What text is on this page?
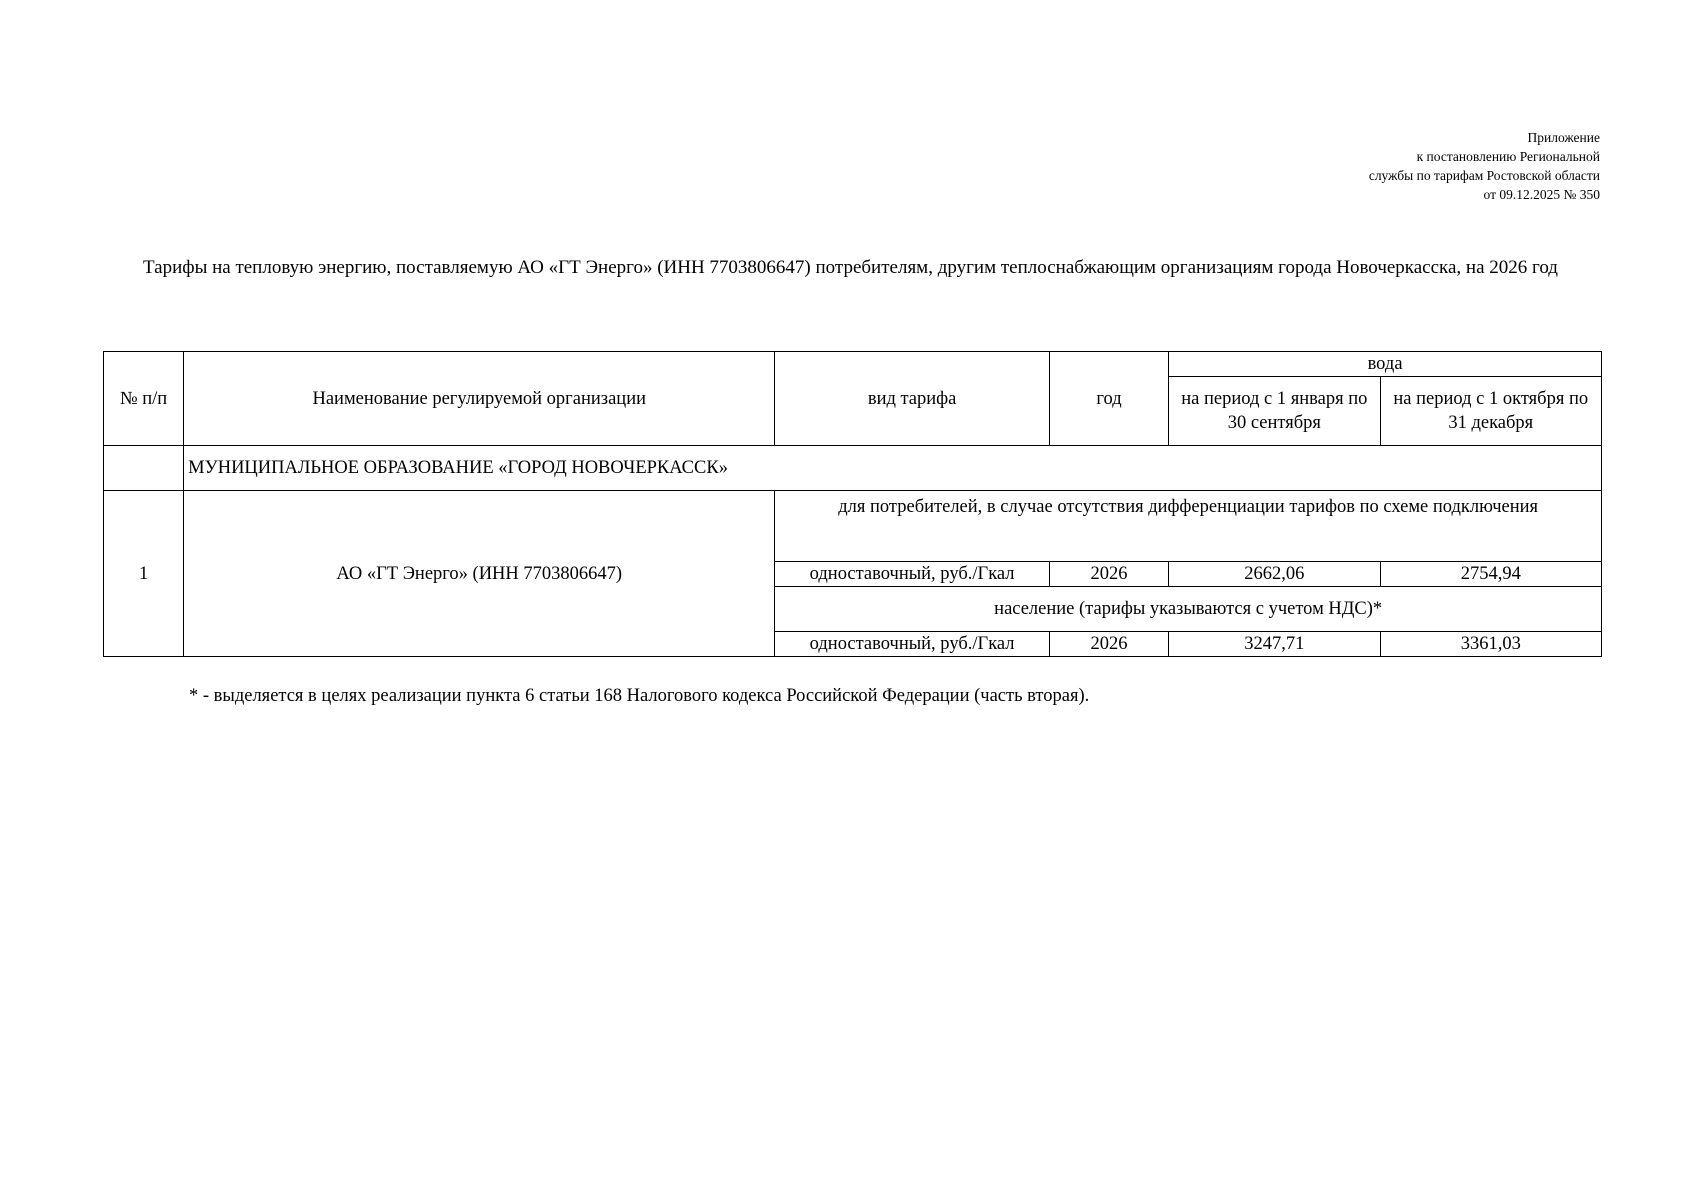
Приложение
к постановлению Региональной
службы по тарифам Ростовской области
от 09.12.2025 № 350
Тарифы на тепловую энергию, поставляемую АО «ГТ Энерго» (ИНН 7703806647) потребителям, другим теплоснабжающим организациям города Новочеркасска, на 2026 год
№ п/п	Наименование регулируемой организации	вид тарифа	год	вода	
				на период с 1 января по 30 сентября	на период с 1 октября по 31 декабря
	МУНИЦИПАЛЬНОЕ ОБРАЗОВАНИЕ «ГОРОД НОВОЧЕРКАССК»				
1	АО «ГТ Энерго» (ИНН 7703806647)	для потребителей, в случае отсутствия дифференциации тарифов по схеме подключения			
		одноставочный, руб./Гкал	2026	2662,06	2754,94
		население (тарифы указываются с учетом НДС)*			
		одноставочный, руб./Гкал	2026	3247,71	3361,03
* - выделяется в целях реализации пункта 6 статьи 168 Налогового кодекса Российской Федерации (часть вторая).
